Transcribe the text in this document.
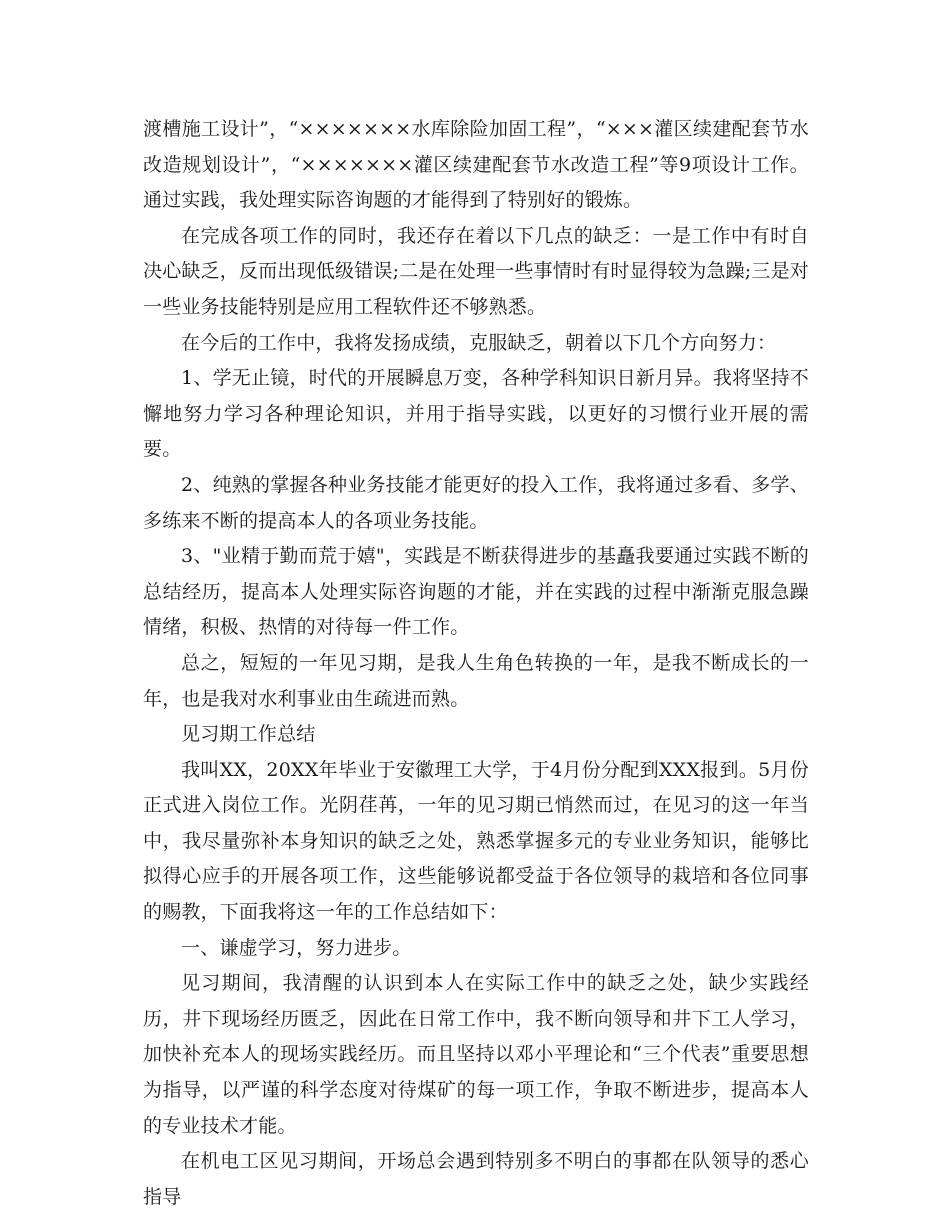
渡槽施工设计”，“×××××××水库除险加固工程”，“×××灌区续建配套节水改造规划设计”，“×××××××灌区续建配套节水改造工程”等9项设计工作。通过实践，我处理实际咨询题的才能得到了特别好的锻炼。

在完成各项工作的同时，我还存在着以下几点的缺乏：一是工作中有时自决心缺乏，反而出现低级错误;二是在处理一些事情时有时显得较为急躁;三是对一些业务技能特别是应用工程软件还不够熟悉。

在今后的工作中，我将发扬成绩，克服缺乏，朝着以下几个方向努力：

1、学无止镜，时代的开展瞬息万变，各种学科知识日新月异。我将坚持不懈地努力学习各种理论知识，并用于指导实践，以更好的习惯行业开展的需要。

2、纯熟的掌握各种业务技能才能更好的投入工作，我将通过多看、多学、多练来不断的提高本人的各项业务技能。

3、"业精于勤而荒于嬉"，实践是不断获得进步的基矗我要通过实践不断的总结经历，提高本人处理实际咨询题的才能，并在实践的过程中渐渐克服急躁情绪，积极、热情的对待每一件工作。

总之，短短的一年见习期，是我人生角色转换的一年，是我不断成长的一年，也是我对水利事业由生疏进而熟。

见习期工作总结

我叫XX，20XX年毕业于安徽理工大学，于4月份分配到XXX报到。5月份正式进入岗位工作。光阴荏苒，一年的见习期已悄然而过，在见习的这一年当中，我尽量弥补本身知识的缺乏之处，熟悉掌握多元的专业业务知识，能够比拟得心应手的开展各项工作，这些能够说都受益于各位领导的栽培和各位同事的赐教，下面我将这一年的工作总结如下：

一、谦虚学习，努力进步。

见习期间，我清醒的认识到本人在实际工作中的缺乏之处，缺少实践经历，井下现场经历匮乏，因此在日常工作中，我不断向领导和井下工人学习，加快补充本人的现场实践经历。而且坚持以邓小平理论和“三个代表”重要思想为指导，以严谨的科学态度对待煤矿的每一项工作，争取不断进步，提高本人的专业技术才能。

在机电工区见习期间，开场总会遇到特别多不明白的事都在队领导的悉心指导
